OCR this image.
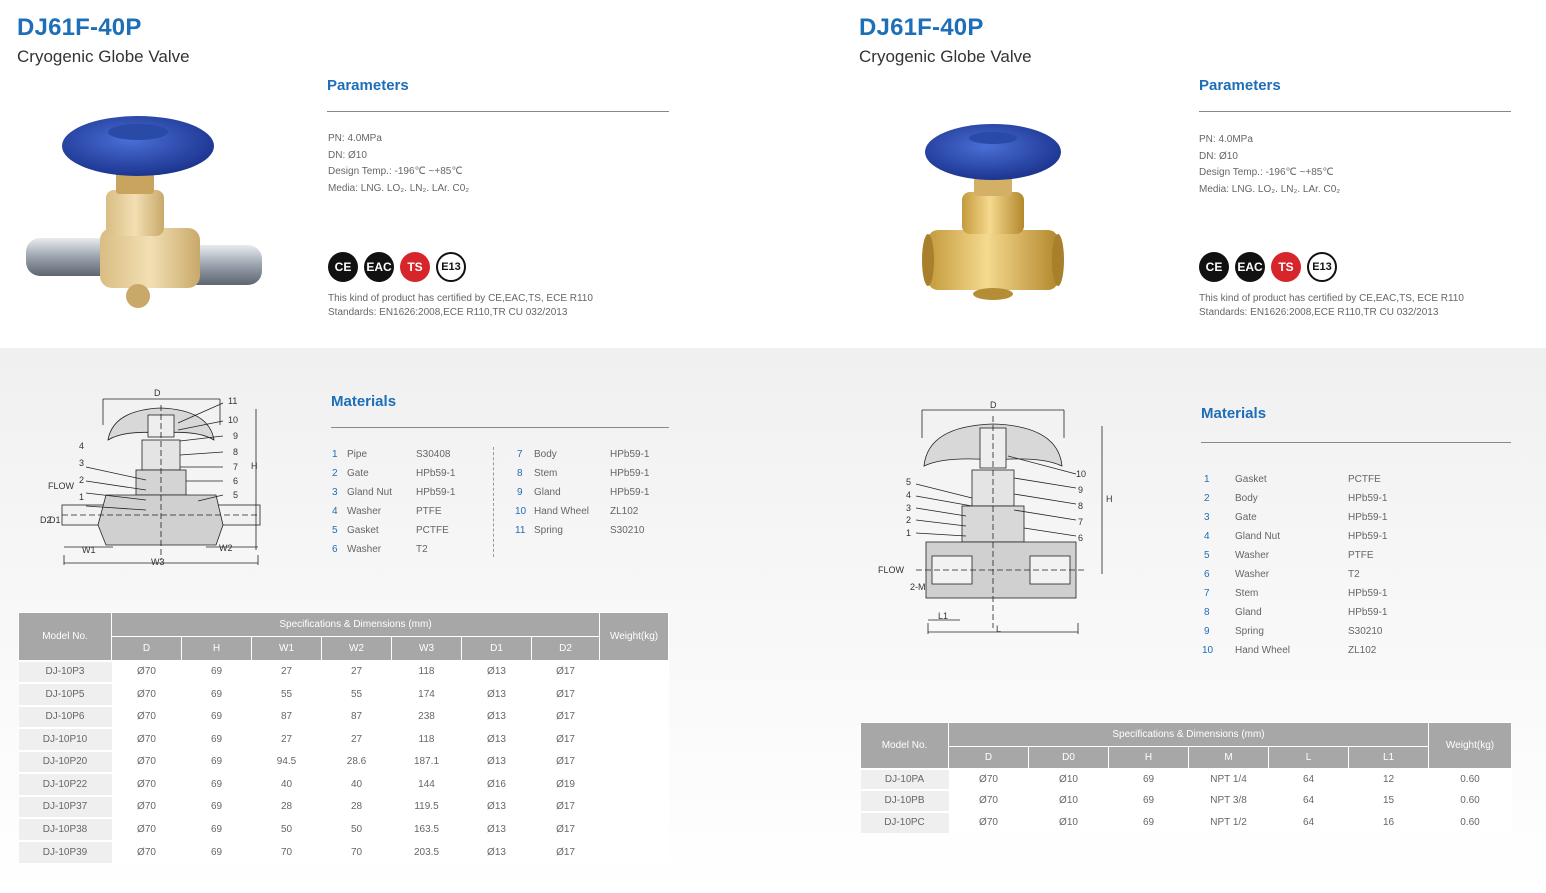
DJ61F-40P
Cryogenic Globe Valve
Parameters
PN: 4.0MPa
DN: Ø10
Design Temp.: -196℃ ~+85℃
Media: LNG. LO₂. LN₂. LAr. C0₂
CE	EAC	TS	E13
This kind of product has certified by CE,EAC,TS, ECE R110
Standards: EN1626:2008,ECE R110,TR CU 032/2013
D
H
FLOW
W1	W2
W3
D2
D1
1
2
3
4
5
6
7
8
9
10
11	Materials
1 Pipe	S30408
2 Gate	HPb59-1
3 Gland Nut HPb59-1
4 Washer	PTFE
5 Gasket	PCTFE
6 Washer	T2
7 Body	HPb59-1
8 Stem	HPb59-1
9 Gland	HPb59-1
10 Hand Wheel ZL102
11 Spring	S30210
Model No.	Specifications & Dimensions (mm)							Weight(kg)
	D	H	W1	W2	W3	D1	D2	
DJ-10P3	Ø70	69	27	27	118	Ø13	Ø17	
DJ-10P5	Ø70	69	55	55	174	Ø13	Ø17	
DJ-10P6	Ø70	69	87	87	238	Ø13	Ø17	
DJ-10P10	Ø70	69	27	27	118	Ø13	Ø17	
DJ-10P20	Ø70	69	94.5	28.6	187.1	Ø13	Ø17	
DJ-10P22	Ø70	69	40	40	144	Ø16	Ø19	
DJ-10P37	Ø70	69	28	28	119.5	Ø13	Ø17	
DJ-10P38	Ø70	69	50	50	163.5	Ø13	Ø17	
DJ-10P39	Ø70	69	70	70	203.5	Ø13	Ø17	
DJ61F-40P
Cryogenic Globe Valve
Parameters
PN: 4.0MPa
DN: Ø10
Design Temp.: -196℃ ~+85℃
Media: LNG. LO₂. LN₂. LAr. C0₂
CE	EAC	TS	E13
This kind of product has certified by CE,EAC,TS, ECE R110
Standards: EN1626:2008,ECE R110,TR CU 032/2013
D
H
FLOW
2-M
L1
L
1
2
3
4
5
6
7
8
9
10
Materials
1	Gasket	PCTFE
2	Body	HPb59-1
3	Gate	HPb59-1
4	Gland Nut	HPb59-1
5	Washer	PTFE
6	Washer	T2
7	Stem	HPb59-1
8	Gland	HPb59-1
9	Spring	S30210
10 Hand Wheel	ZL102
Model No.	Specifications & Dimensions (mm)						Weight(kg)
	D	D0	H	M	L	L1	
DJ-10PA	Ø70	Ø10	69	NPT 1/4	64	12	0.60
DJ-10PB	Ø70	Ø10	69	NPT 3/8	64	15	0.60
DJ-10PC	Ø70	Ø10	69	NPT 1/2	64	16	0.60
